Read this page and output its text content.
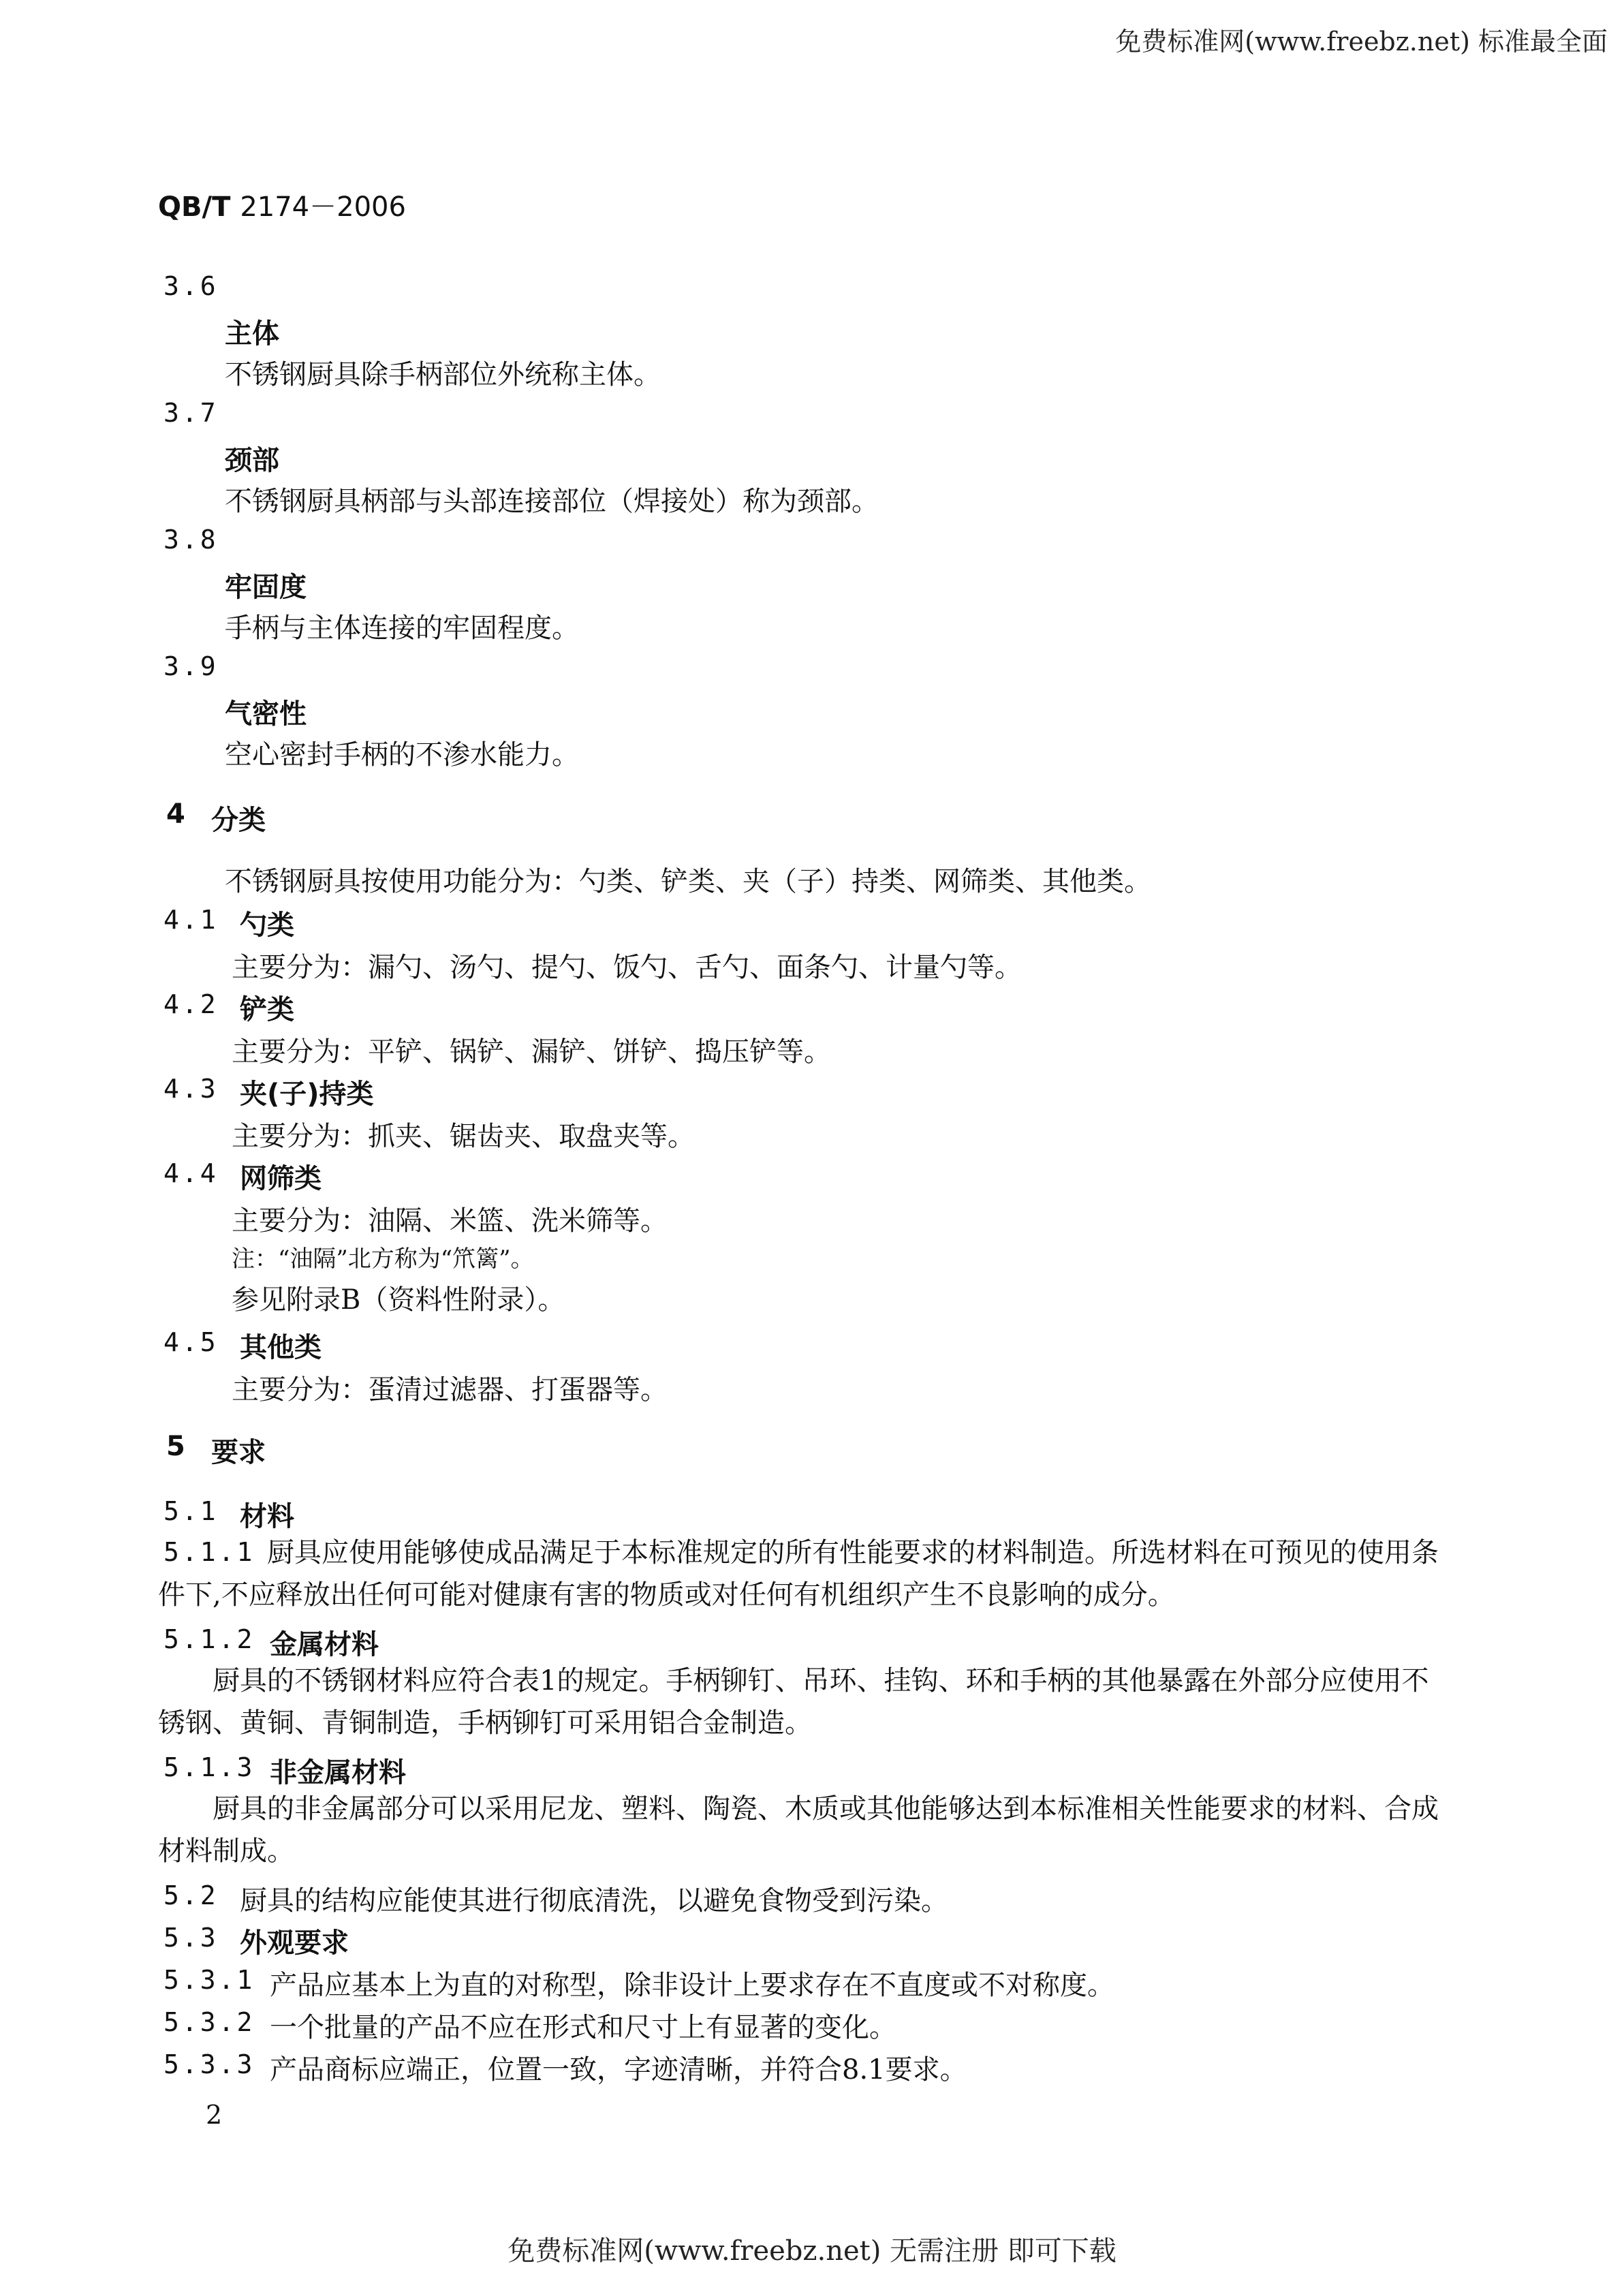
免费标准网(www.freebz.net) 标准最全面
QB/T 2174－2006
3.6
主体
不锈钢厨具除手柄部位外统称主体。
3.7
颈部
不锈钢厨具柄部与头部连接部位（焊接处）称为颈部。
3.8
牢固度
手柄与主体连接的牢固程度。
3.9
气密性
空心密封手柄的不渗水能力。
4 分类
不锈钢厨具按使用功能分为：勺类、铲类、夹（子）持类、网筛类、其他类。
4.1 勺类
主要分为：漏勺、汤勺、提勺、饭勺、舌勺、面条勺、计量勺等。
4.2 铲类
主要分为：平铲、锅铲、漏铲、饼铲、捣压铲等。
4.3 夹(子)持类
主要分为：抓夹、锯齿夹、取盘夹等。
4.4 网筛类
主要分为：油隔、米篮、洗米筛等。
注：“油隔”北方称为“笊篱”。
参见附录B（资料性附录）。
4.5 其他类
主要分为：蛋清过滤器、打蛋器等。
5 要求
5.1 材料
5.1.1 厨具应使用能够使成品满足于本标准规定的所有性能要求的材料制造。所选材料在可预见的使用条件下,不应释放出任何可能对健康有害的物质或对任何有机组织产生不良影响的成分。
5.1.2 金属材料
厨具的不锈钢材料应符合表1的规定。手柄铆钉、吊环、挂钩、环和手柄的其他暴露在外部分应使用不锈钢、黄铜、青铜制造，手柄铆钉可采用铝合金制造。
5.1.3 非金属材料
厨具的非金属部分可以采用尼龙、塑料、陶瓷、木质或其他能够达到本标准相关性能要求的材料、合成材料制成。
5.2 厨具的结构应能使其进行彻底清洗，以避免食物受到污染。
5.3 外观要求
5.3.1 产品应基本上为直的对称型，除非设计上要求存在不直度或不对称度。
5.3.2 一个批量的产品不应在形式和尺寸上有显著的变化。
5.3.3 产品商标应端正，位置一致，字迹清晰，并符合8.1要求。
2
免费标准网(www.freebz.net) 无需注册 即可下载
